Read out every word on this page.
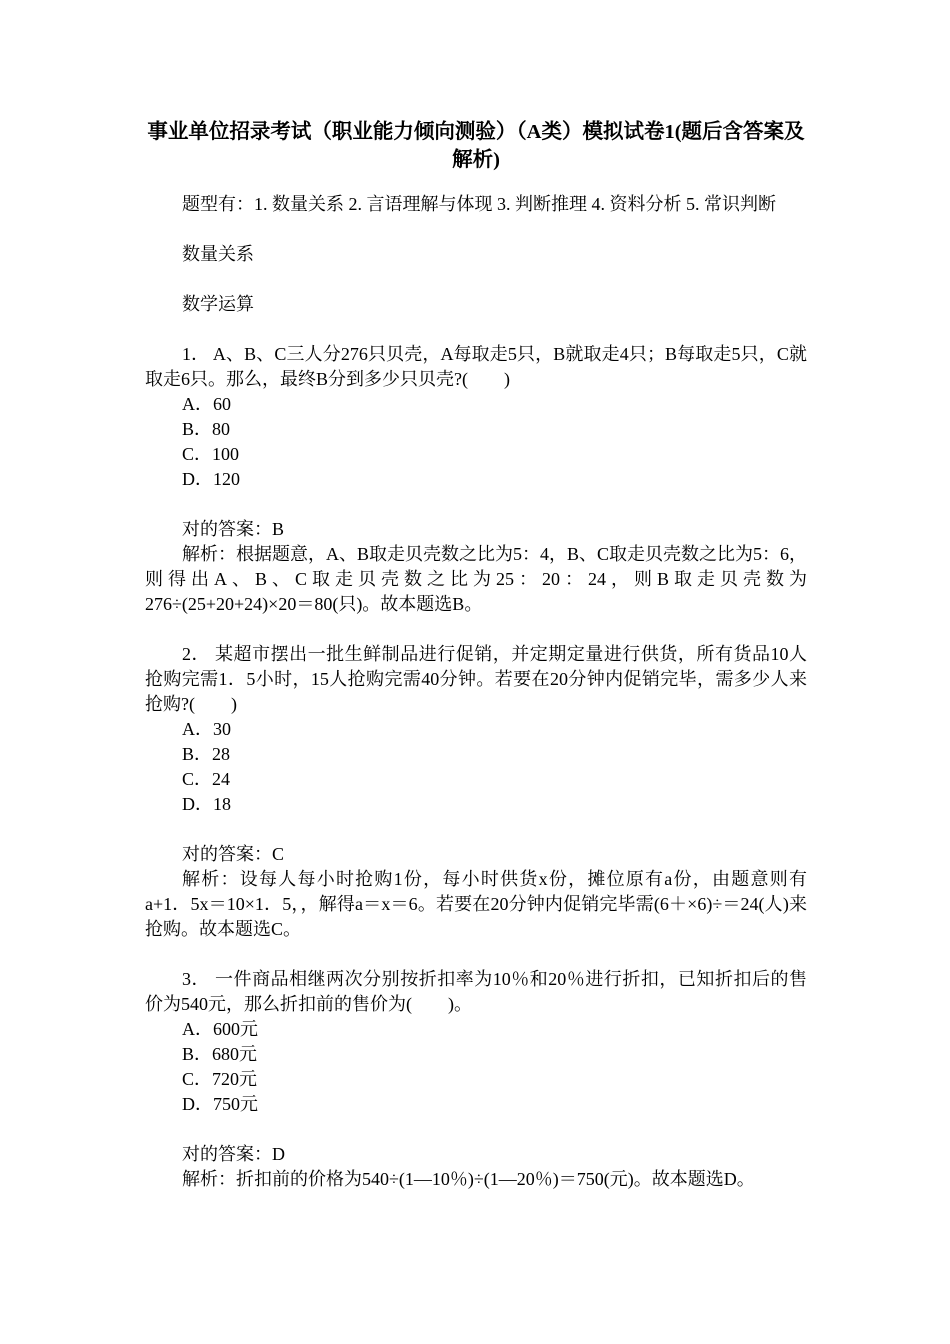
事业单位招录考试（职业能力倾向测验）（A类）模拟试卷1(题后含答案及解析)

题型有：1. 数量关系 2. 言语理解与体现 3. 判断推理 4. 资料分析 5. 常识判断

数量关系

数学运算

1． A、B、C三人分276只贝壳，A每取走5只，B就取走4只；B每取走5只，C就取走6只。那么，最终B分到多少只贝壳?(　　)

A．60

B．80

C．100

D．120

对的答案：B

解析：根据题意，A、B取走贝壳数之比为5：4，B、C取走贝壳数之比为5：6，则得出A、B、C取走贝壳数之比为25：20：24，则B取走贝壳数为276÷(25+20+24)×20＝80(只)。故本题选B。

2． 某超市摆出一批生鲜制品进行促销，并定期定量进行供货，所有货品10人抢购完需1．5小时，15人抢购完需40分钟。若要在20分钟内促销完毕，需多少人来抢购?(　　)

A．30

B．28

C．24

D．18

对的答案：C

解析：设每人每小时抢购1份，每小时供货x份，摊位原有a份，由题意则有a+1．5x＝10×1．5，，解得a＝x＝6。若要在20分钟内促销完毕需(6＋×6)÷＝24(人)来抢购。故本题选C。

3． 一件商品相继两次分别按折扣率为10％和20％进行折扣，已知折扣后的售价为540元，那么折扣前的售价为(　　)。

A．600元

B．680元

C．720元

D．750元

对的答案：D

解析：折扣前的价格为540÷(1—10％)÷(1—20％)＝750(元)。故本题选D。
